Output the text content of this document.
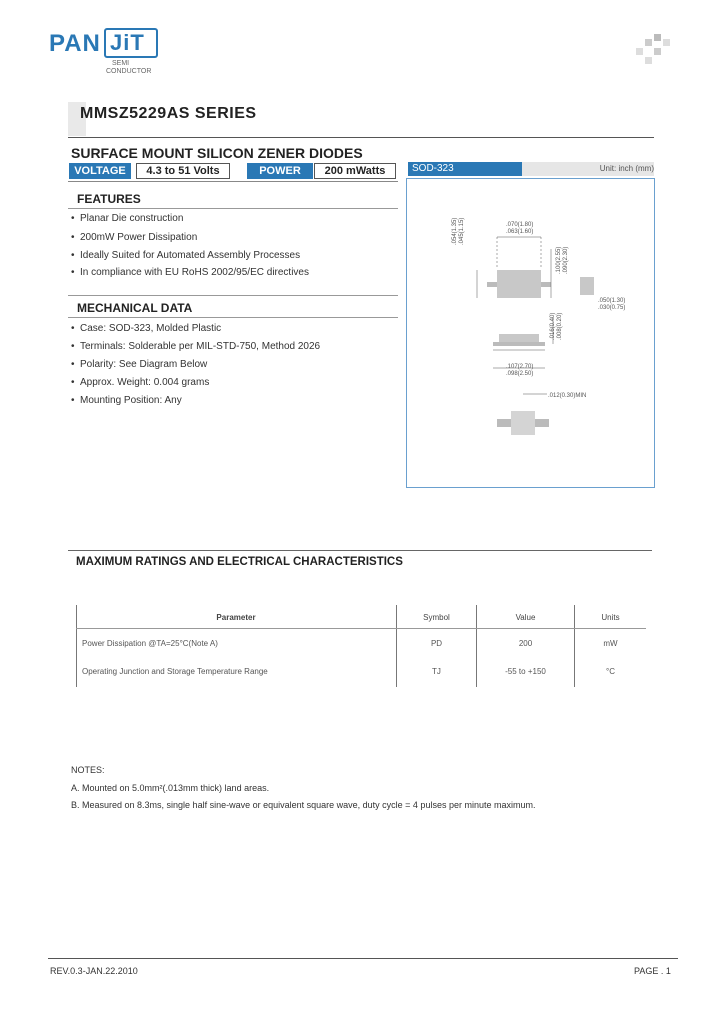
PAN JiT
SEMI
CONDUCTOR
MMSZ5229AS SERIES
SURFACE MOUNT SILICON ZENER DIODES
VOLTAGE	4.3 to 51 Volts	POWER	200 mWatts	SOD-323	Unit: inch (mm)
.070(1.80)
.063(1.60)
.054(1.35) .045(1.15)
.100(2.55) .090(2.30)
.050(1.30)
.030(0.75)
.016(0.40) .008(0.20)
.107(2.70)
.098(2.50)
.012(0.30)MIN
FEATURES
• Planar Die construction
• 200mW Power Dissipation
• Ideally Suited for Automated Assembly Processes
• In compliance with EU RoHS 2002/95/EC directives
MECHANICAL DATA
• Case: SOD-323, Molded Plastic
• Terminals: Solderable per MIL-STD-750, Method 2026
• Polarity: See Diagram Below
• Approx. Weight: 0.004 grams
• Mounting Position: Any
MAXIMUM RATINGS AND ELECTRICAL CHARACTERISTICS
Parameter	Symbol	Value	Units
Power Dissipation @TA=25°C(Note A)	PD	200	mW
Operating Junction and Storage Temperature Range	TJ	-55 to +150	°C
NOTES:
A. Mounted on 5.0mm²(.013mm thick) land areas.
B. Measured on 8.3ms, single half sine-wave or equivalent square wave, duty cycle = 4 pulses per minute maximum.
REV.0.3-JAN.22.2010	PAGE . 1
